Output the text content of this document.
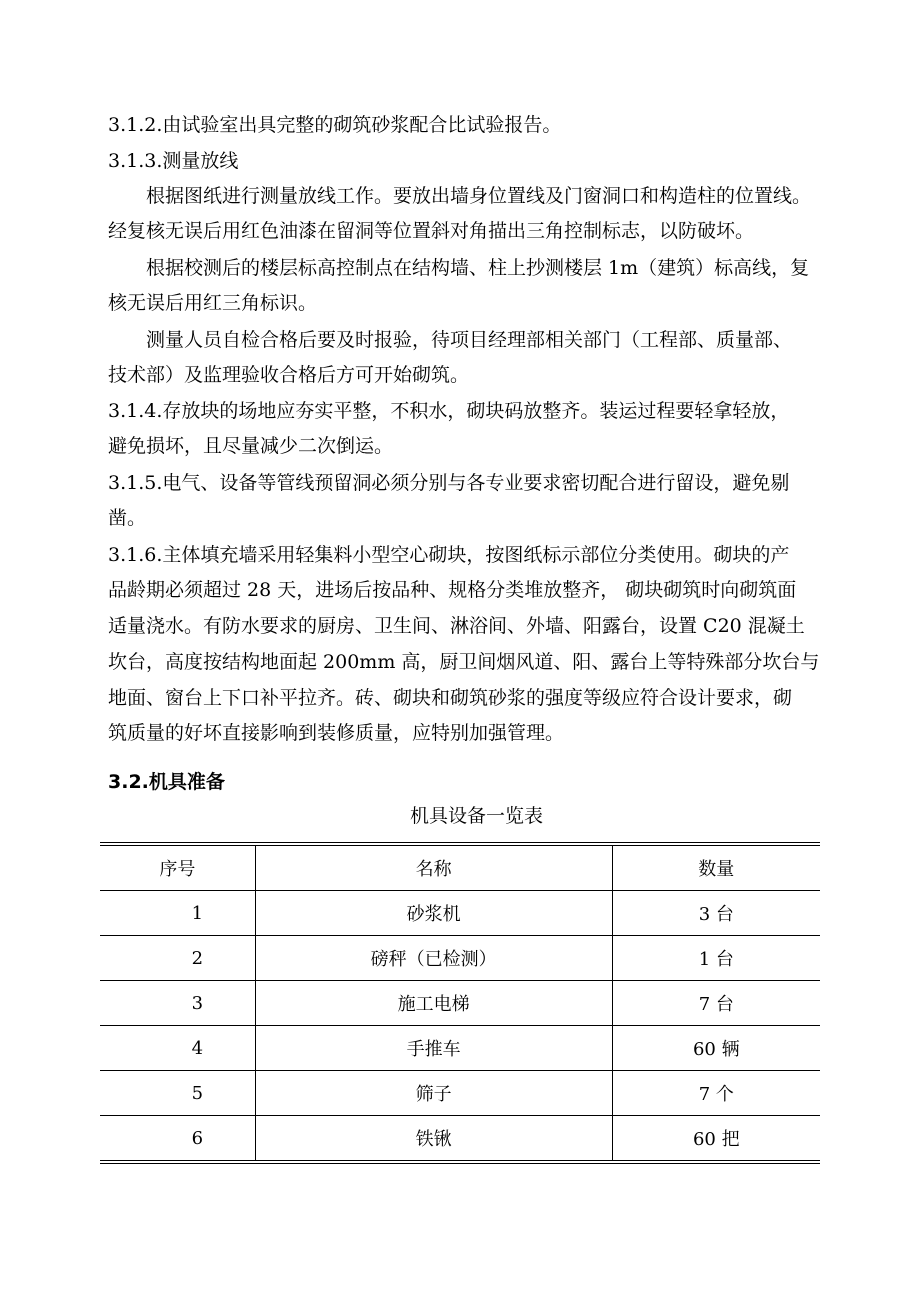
3.1.2.由试验室出具完整的砌筑砂浆配合比试验报告。
3.1.3.测量放线
根据图纸进行测量放线工作。要放出墙身位置线及门窗洞口和构造柱的位置线。
经复核无误后用红色油漆在留洞等位置斜对角描出三角控制标志，以防破坏。
根据校测后的楼层标高控制点在结构墙、柱上抄测楼层 1m（建筑）标高线，复
核无误后用红三角标识。
测量人员自检合格后要及时报验，待项目经理部相关部门（工程部、质量部、
技术部）及监理验收合格后方可开始砌筑。
3.1.4.存放块的场地应夯实平整，不积水，砌块码放整齐。装运过程要轻拿轻放，
避免损坏，且尽量减少二次倒运。
3.1.5.电气、设备等管线预留洞必须分别与各专业要求密切配合进行留设，避免剔
凿。
3.1.6.主体填充墙采用轻集料小型空心砌块，按图纸标示部位分类使用。砌块的产
品龄期必须超过 28 天，进场后按品种、规格分类堆放整齐， 砌块砌筑时向砌筑面
适量浇水。有防水要求的厨房、卫生间、淋浴间、外墙、阳露台，设置 C20 混凝土
坎台，高度按结构地面起 200mm 高，厨卫间烟风道、阳、露台上等特殊部分坎台与
地面、窗台上下口补平拉齐。砖、砌块和砌筑砂浆的强度等级应符合设计要求，砌
筑质量的好坏直接影响到装修质量，应特别加强管理。
3.2.机具准备
机具设备一览表
序号	名称	数量
1	砂浆机	3 台
2	磅秤（已检测）	1 台
3	施工电梯	7 台
4	手推车	60 辆
5	筛子	7 个
6	铁锹	60 把
